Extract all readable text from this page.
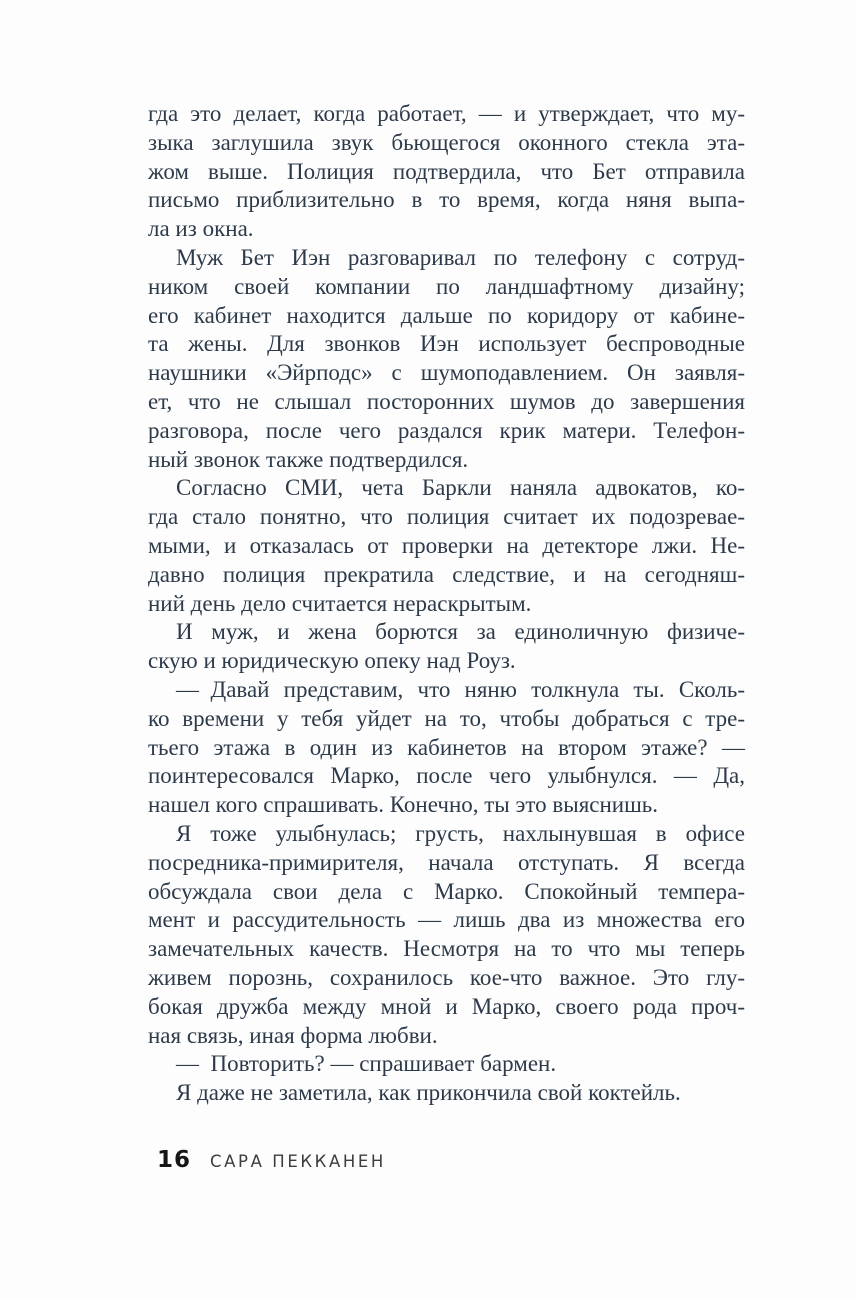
гда это делает, когда работает, — и утверждает, что му-
зыка заглушила звук бьющегося оконного стекла эта-
жом выше. Полиция подтвердила, что Бет отправила
письмо приблизительно в то время, когда няня выпа-
ла из окна.
Муж Бет Иэн разговаривал по телефону с сотруд-
ником своей компании по ландшафтному дизайну;
его кабинет находится дальше по коридору от кабине-
та жены. Для звонков Иэн использует беспроводные
наушники «Эйрподс» с шумоподавлением. Он заявля-
ет, что не слышал посторонних шумов до завершения
разговора, после чего раздался крик матери. Телефон-
ный звонок также подтвердился.
Согласно СМИ, чета Баркли наняла адвокатов, ко-
гда стало понятно, что полиция считает их подозревае-
мыми, и отказалась от проверки на детекторе лжи. Не-
давно полиция прекратила следствие, и на сегодняш-
ний день дело считается нераскрытым.
И муж, и жена борются за единоличную физиче-
скую и юридическую опеку над Роуз.
— Давай представим, что няню толкнула ты. Сколь-
ко времени у тебя уйдет на то, чтобы добраться с тре-
тьего этажа в один из кабинетов на втором этаже? —
поинтересовался Марко, после чего улыбнулся. — Да,
нашел кого спрашивать. Конечно, ты это выяснишь.
Я тоже улыбнулась; грусть, нахлынувшая в офисе
посредника-примирителя, начала отступать. Я всегда
обсуждала свои дела с Марко. Спокойный темпера-
мент и рассудительность — лишь два из множества его
замечательных качеств. Несмотря на то что мы теперь
живем порознь, сохранилось кое-что важное. Это глу-
бокая дружба между мной и Марко, своего рода проч-
ная связь, иная форма любви.
— Повторить? — спрашивает бармен.
Я даже не заметила, как прикончила свой коктейль.
16 САРА ПЕККАНЕН
